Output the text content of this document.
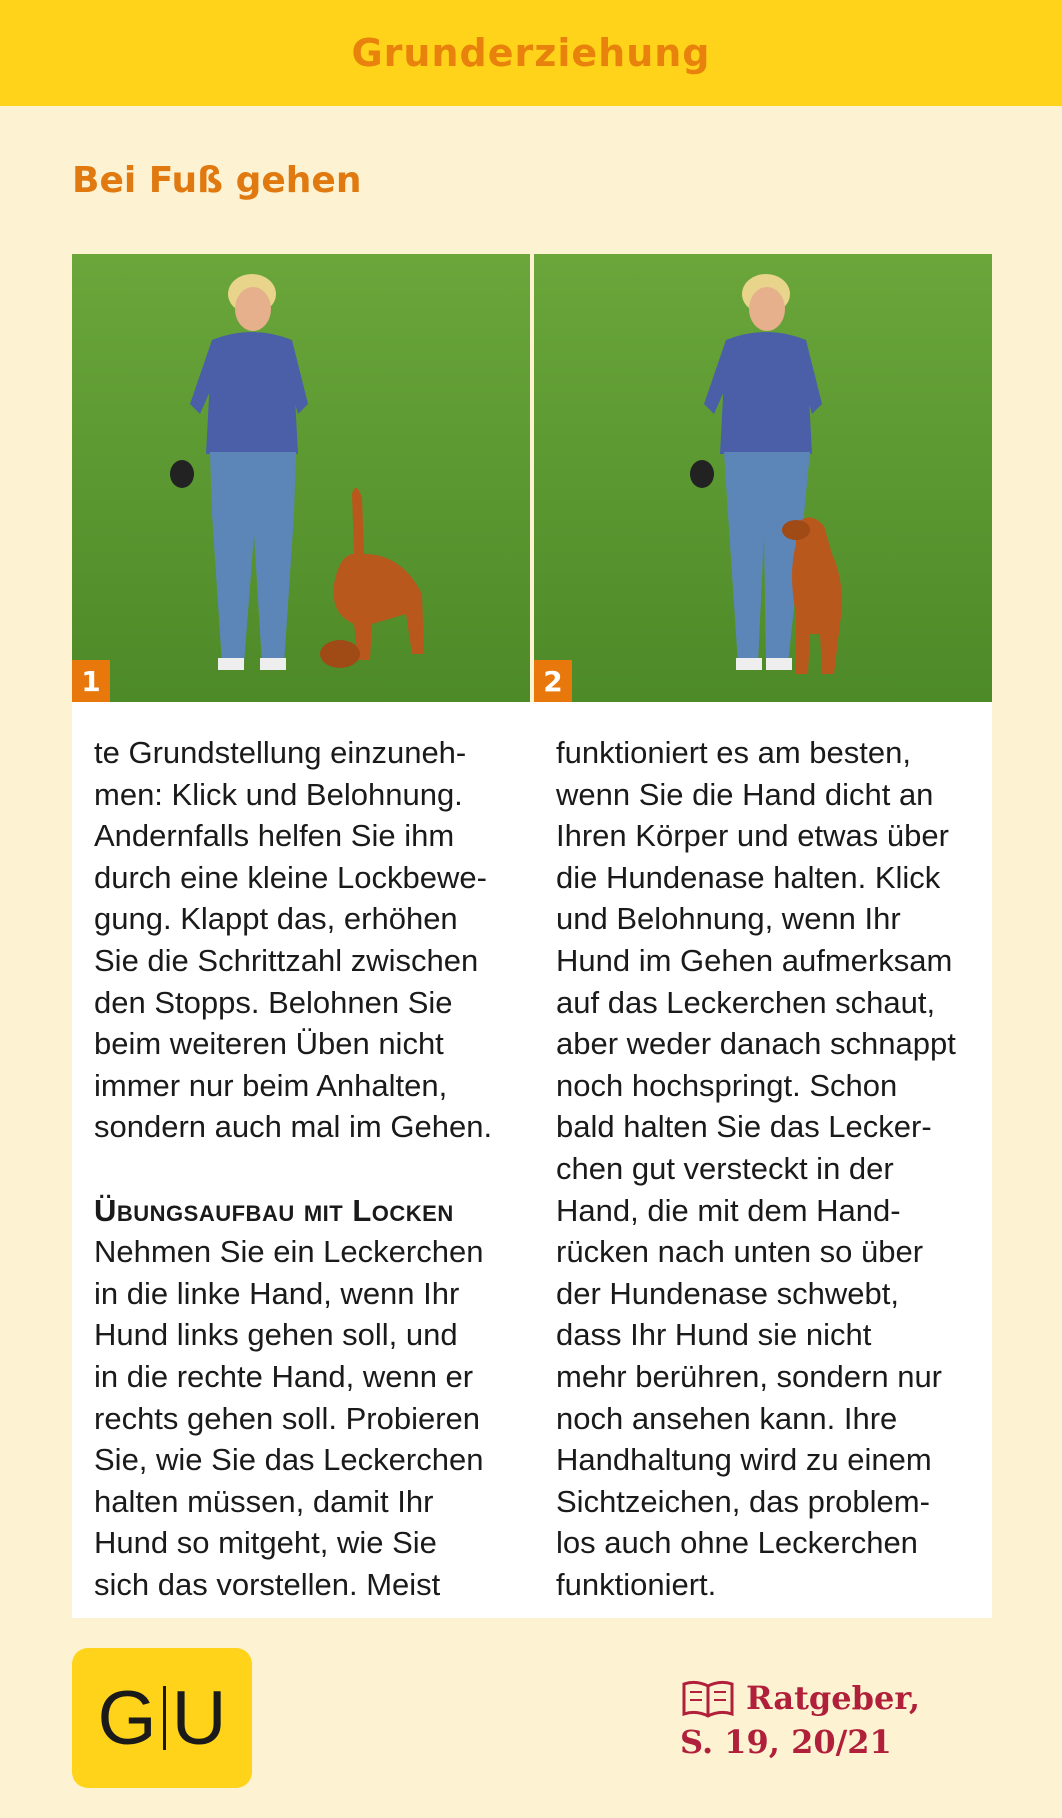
Grunderziehung
Bei Fuß gehen
1	2
te Grundstellung einzuneh-
men: Klick und Belohnung.
Andernfalls helfen Sie ihm
durch eine kleine Lockbewe-
gung. Klappt das, erhöhen
Sie die Schrittzahl zwischen
den Stopps. Belohnen Sie
beim weiteren Üben nicht
immer nur beim Anhalten,
sondern auch mal im Gehen.
Übungsaufbau mit Locken
Nehmen Sie ein Leckerchen
in die linke Hand, wenn Ihr
Hund links gehen soll, und
in die rechte Hand, wenn er
rechts gehen soll. Probieren
Sie, wie Sie das Leckerchen
halten müssen, damit Ihr
Hund so mitgeht, wie Sie
sich das vorstellen. Meist
funktioniert es am besten,
wenn Sie die Hand dicht an
Ihren Körper und etwas über
die Hundenase halten. Klick
und Belohnung, wenn Ihr
Hund im Gehen aufmerksam
auf das Leckerchen schaut,
aber weder danach schnappt
noch hochspringt. Schon
bald halten Sie das Lecker-
chen gut versteckt in der
Hand, die mit dem Hand-
rücken nach unten so über
der Hundenase schwebt,
dass Ihr Hund sie nicht
mehr berühren, sondern nur
noch ansehen kann. Ihre
Handhaltung wird zu einem
Sichtzeichen, das problem-
los auch ohne Leckerchen
funktioniert.
G U	Ratgeber,
S. 19, 20/21
